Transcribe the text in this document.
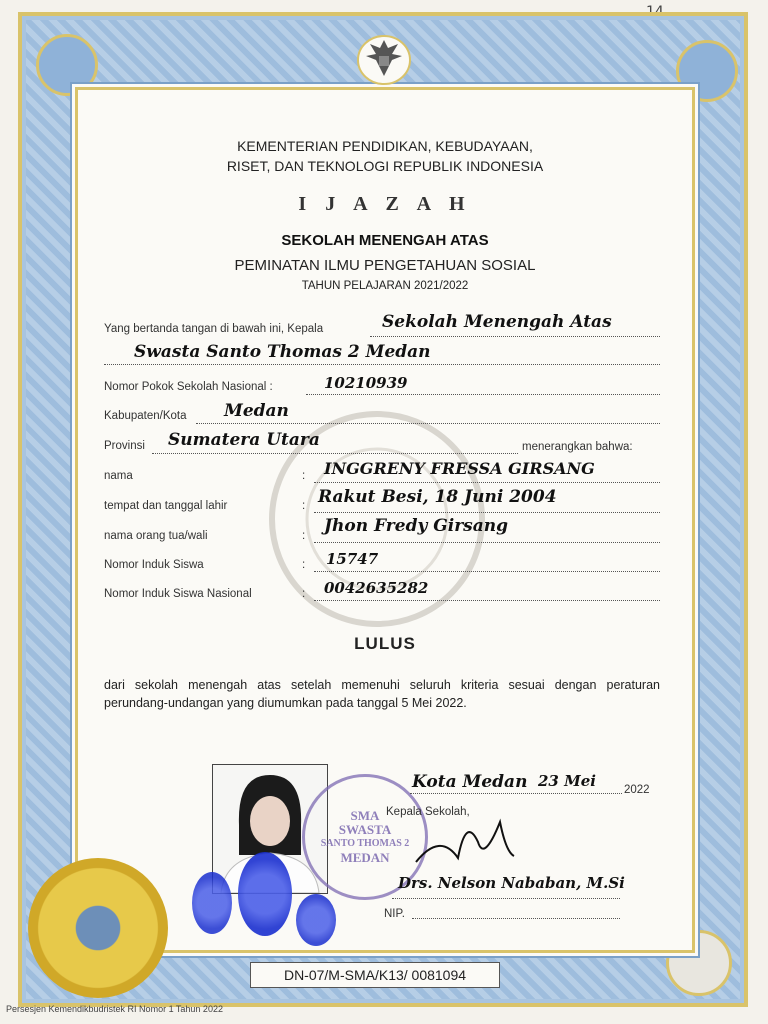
KEMENTERIAN PENDIDIKAN, KEBUDAYAAN,
RISET, DAN TEKNOLOGI REPUBLIK INDONESIA
I J A Z A H
SEKOLAH MENENGAH ATAS
PEMINATAN ILMU PENGETAHUAN SOSIAL
TAHUN PELAJARAN 2021/2022
Yang bertanda tangan di bawah ini, Kepala	Sekolah Menengah Atas
Swasta Santo Thomas 2 Medan
Nomor Pokok Sekolah Nasional :	10210939
Kabupaten/Kota Medan
Provinsi Sumatera Utara	menerangkan bahwa:
nama	: INGGRENY FRESSA GIRSANG
tempat dan tanggal lahir	: Rakut Besi, 18 Juni 2004
nama orang tua/wali	: Jhon Fredy Girsang
Nomor Induk Siswa	: 15747
Nomor Induk Siswa Nasional	: 0042635282
LULUS
dari sekolah menengah atas setelah memenuhi seluruh kriteria sesuai dengan peraturan perundang-undangan yang diumumkan pada tanggal 5 Mei 2022.
SMA
SWASTA
SANTO THOMAS 2
MEDAN
Kota Medan 23 Mei 2022
Kepala Sekolah,
Drs. Nelson Nababan, M.Si
NIP.
DN-07/M-SMA/K13/ 0081094
Persesjen Kemendikbudristek RI Nomor 1 Tahun 2022
